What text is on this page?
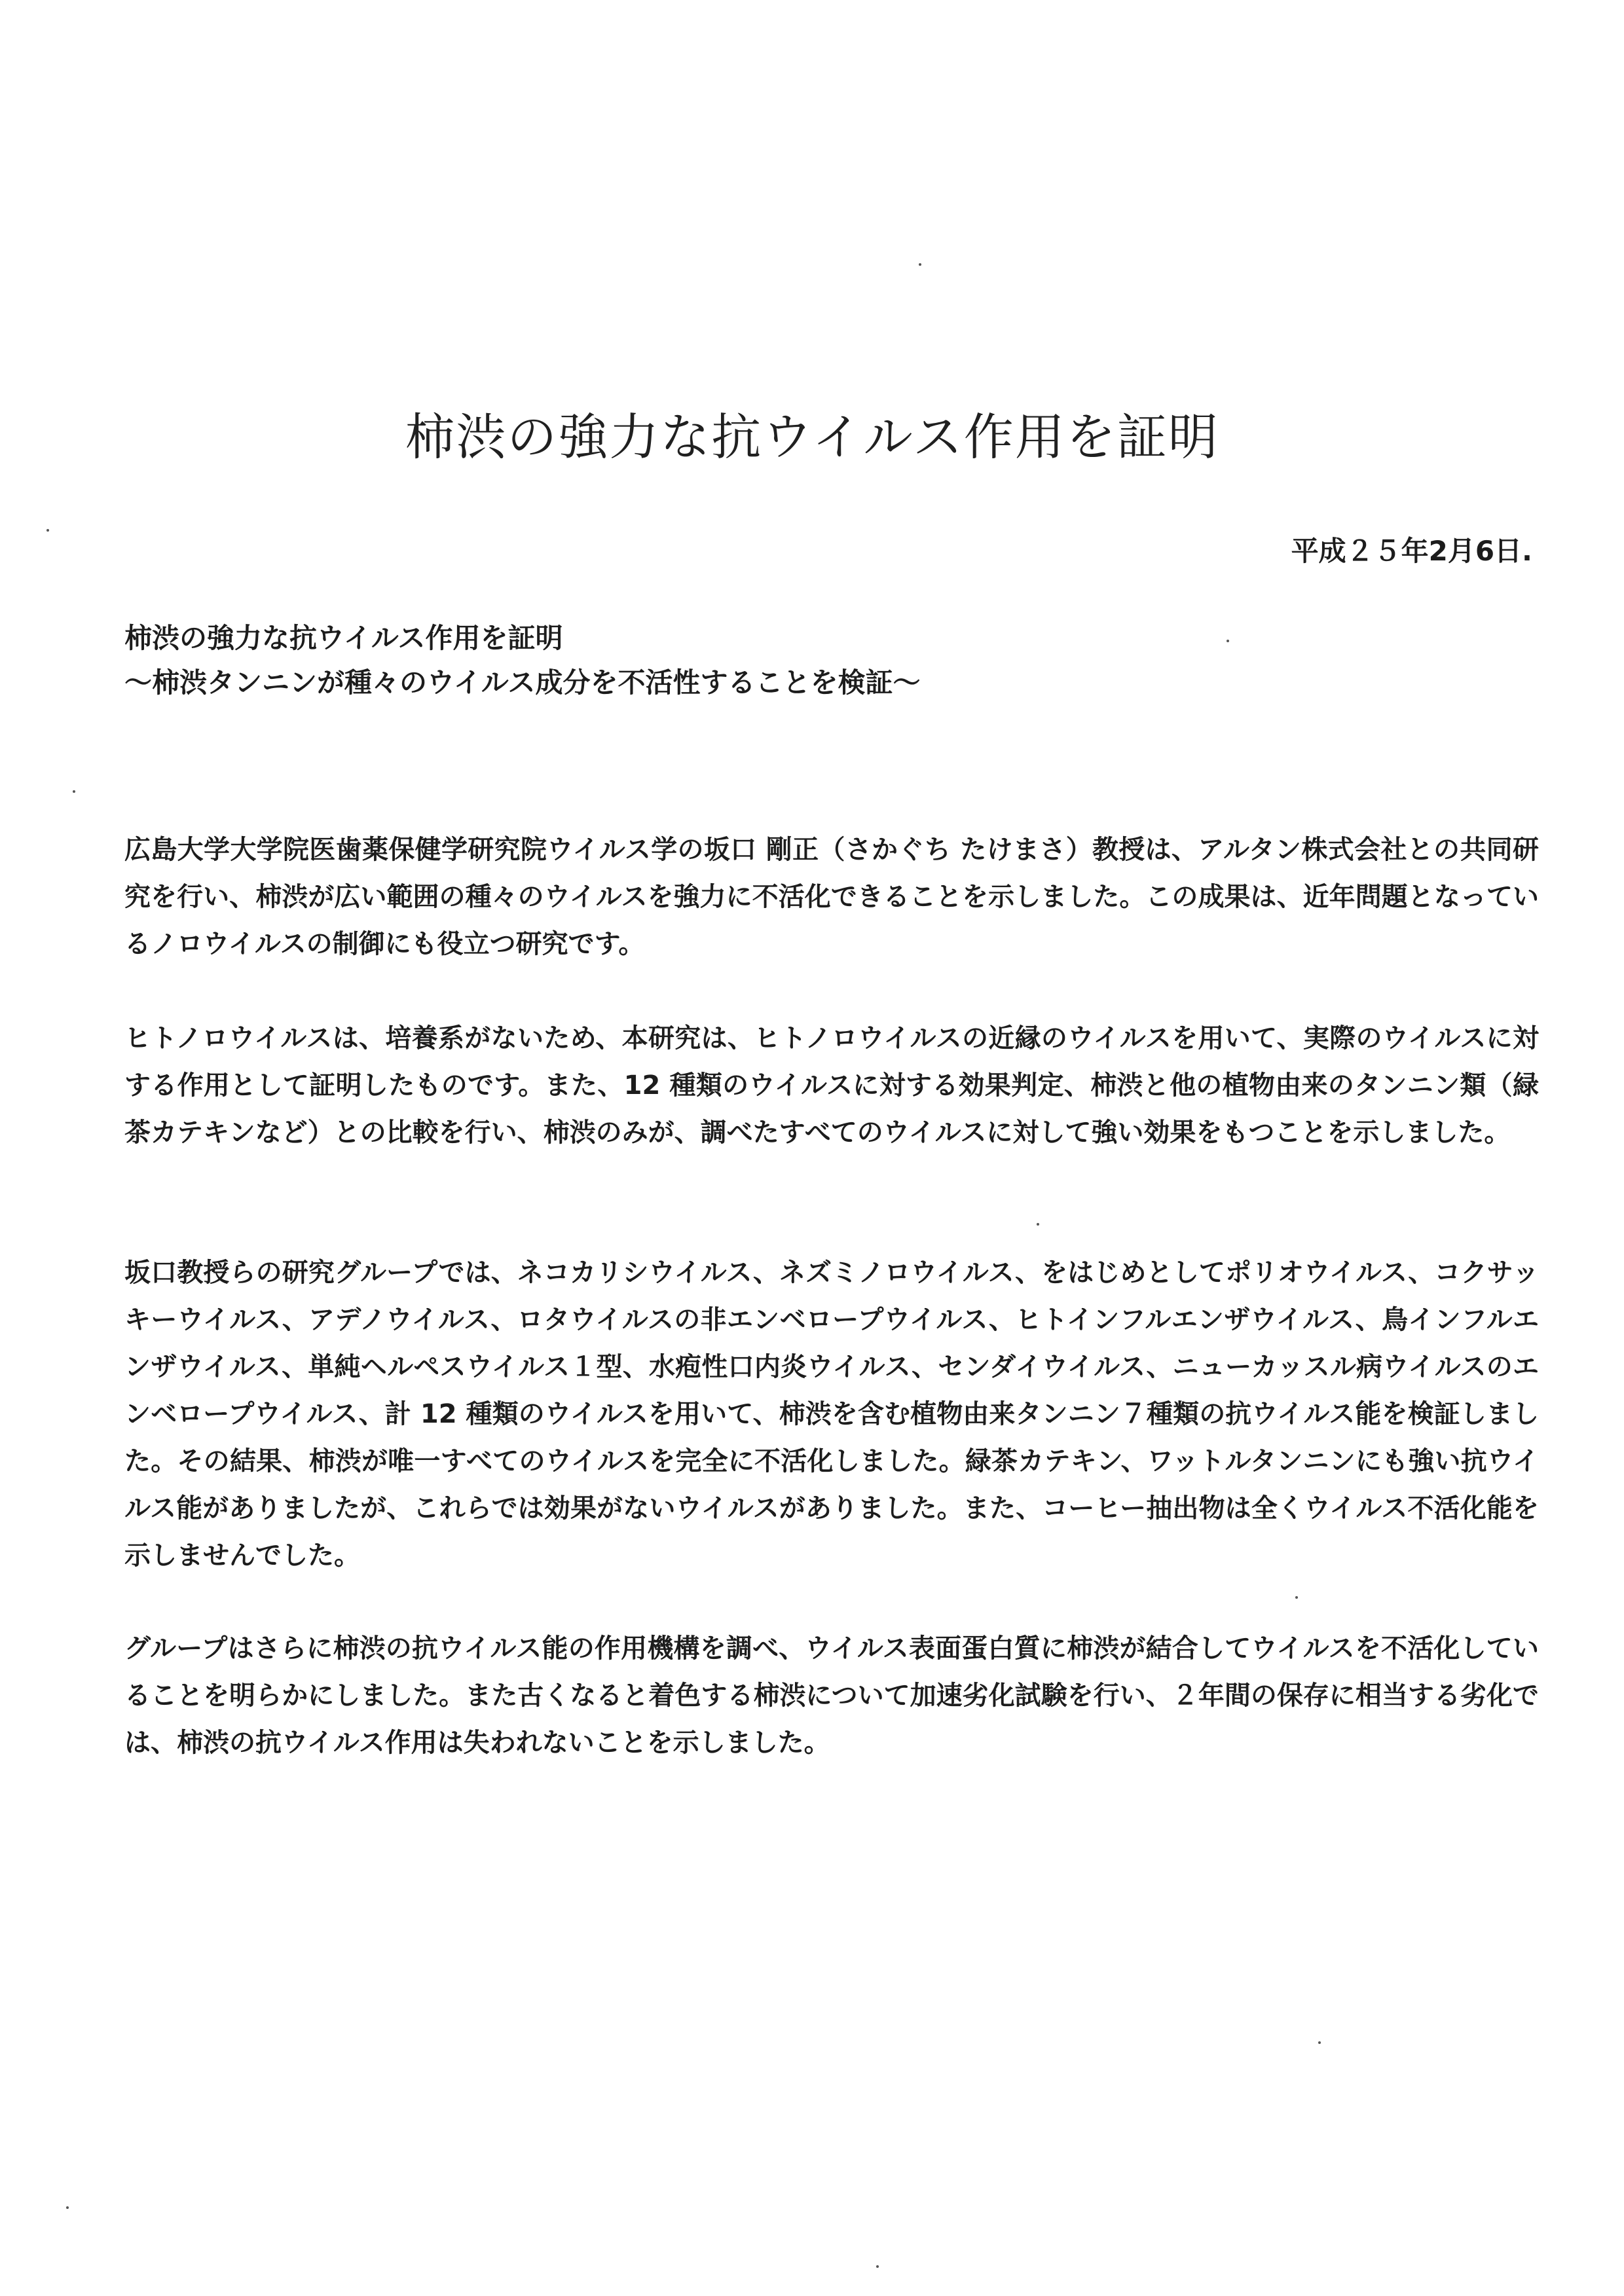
柿渋の強力な抗ウイルス作用を証明
平成２５年2月6日.
柿渋の強力な抗ウイルス作用を証明
～柿渋タンニンが種々のウイルス成分を不活性することを検証～

広島大学大学院医歯薬保健学研究院ウイルス学の坂口 剛正（さかぐち たけまさ）教授は、アルタン株式会社との共同研究を行い、柿渋が広い範囲の種々のウイルスを強力に不活化できることを示しました。この成果は、近年問題となっているノロウイルスの制御にも役立つ研究です。

ヒトノロウイルスは、培養系がないため、本研究は、ヒトノロウイルスの近縁のウイルスを用いて、実際のウイルスに対する作用として証明したものです。また、12 種類のウイルスに対する効果判定、柿渋と他の植物由来のタンニン類（緑茶カテキンなど）との比較を行い、柿渋のみが、調べたすべてのウイルスに対して強い効果をもつことを示しました。

坂口教授らの研究グループでは、ネコカリシウイルス、ネズミノロウイルス、をはじめとしてポリオウイルス、コクサッキーウイルス、アデノウイルス、ロタウイルスの非エンベロープウイルス、ヒトインフルエンザウイルス、鳥インフルエンザウイルス、単純ヘルペスウイルス１型、水疱性口内炎ウイルス、センダイウイルス、ニューカッスル病ウイルスのエンベロープウイルス、計 12 種類のウイルスを用いて、柿渋を含む植物由来タンニン７種類の抗ウイルス能を検証しました。その結果、柿渋が唯一すべてのウイルスを完全に不活化しました。緑茶カテキン、ワットルタンニンにも強い抗ウイルス能がありましたが、これらでは効果がないウイルスがありました。また、コーヒー抽出物は全くウイルス不活化能を示しませんでした。

グループはさらに柿渋の抗ウイルス能の作用機構を調べ、ウイルス表面蛋白質に柿渋が結合してウイルスを不活化していることを明らかにしました。また古くなると着色する柿渋について加速劣化試験を行い、２年間の保存に相当する劣化では、柿渋の抗ウイルス作用は失われないことを示しました。
